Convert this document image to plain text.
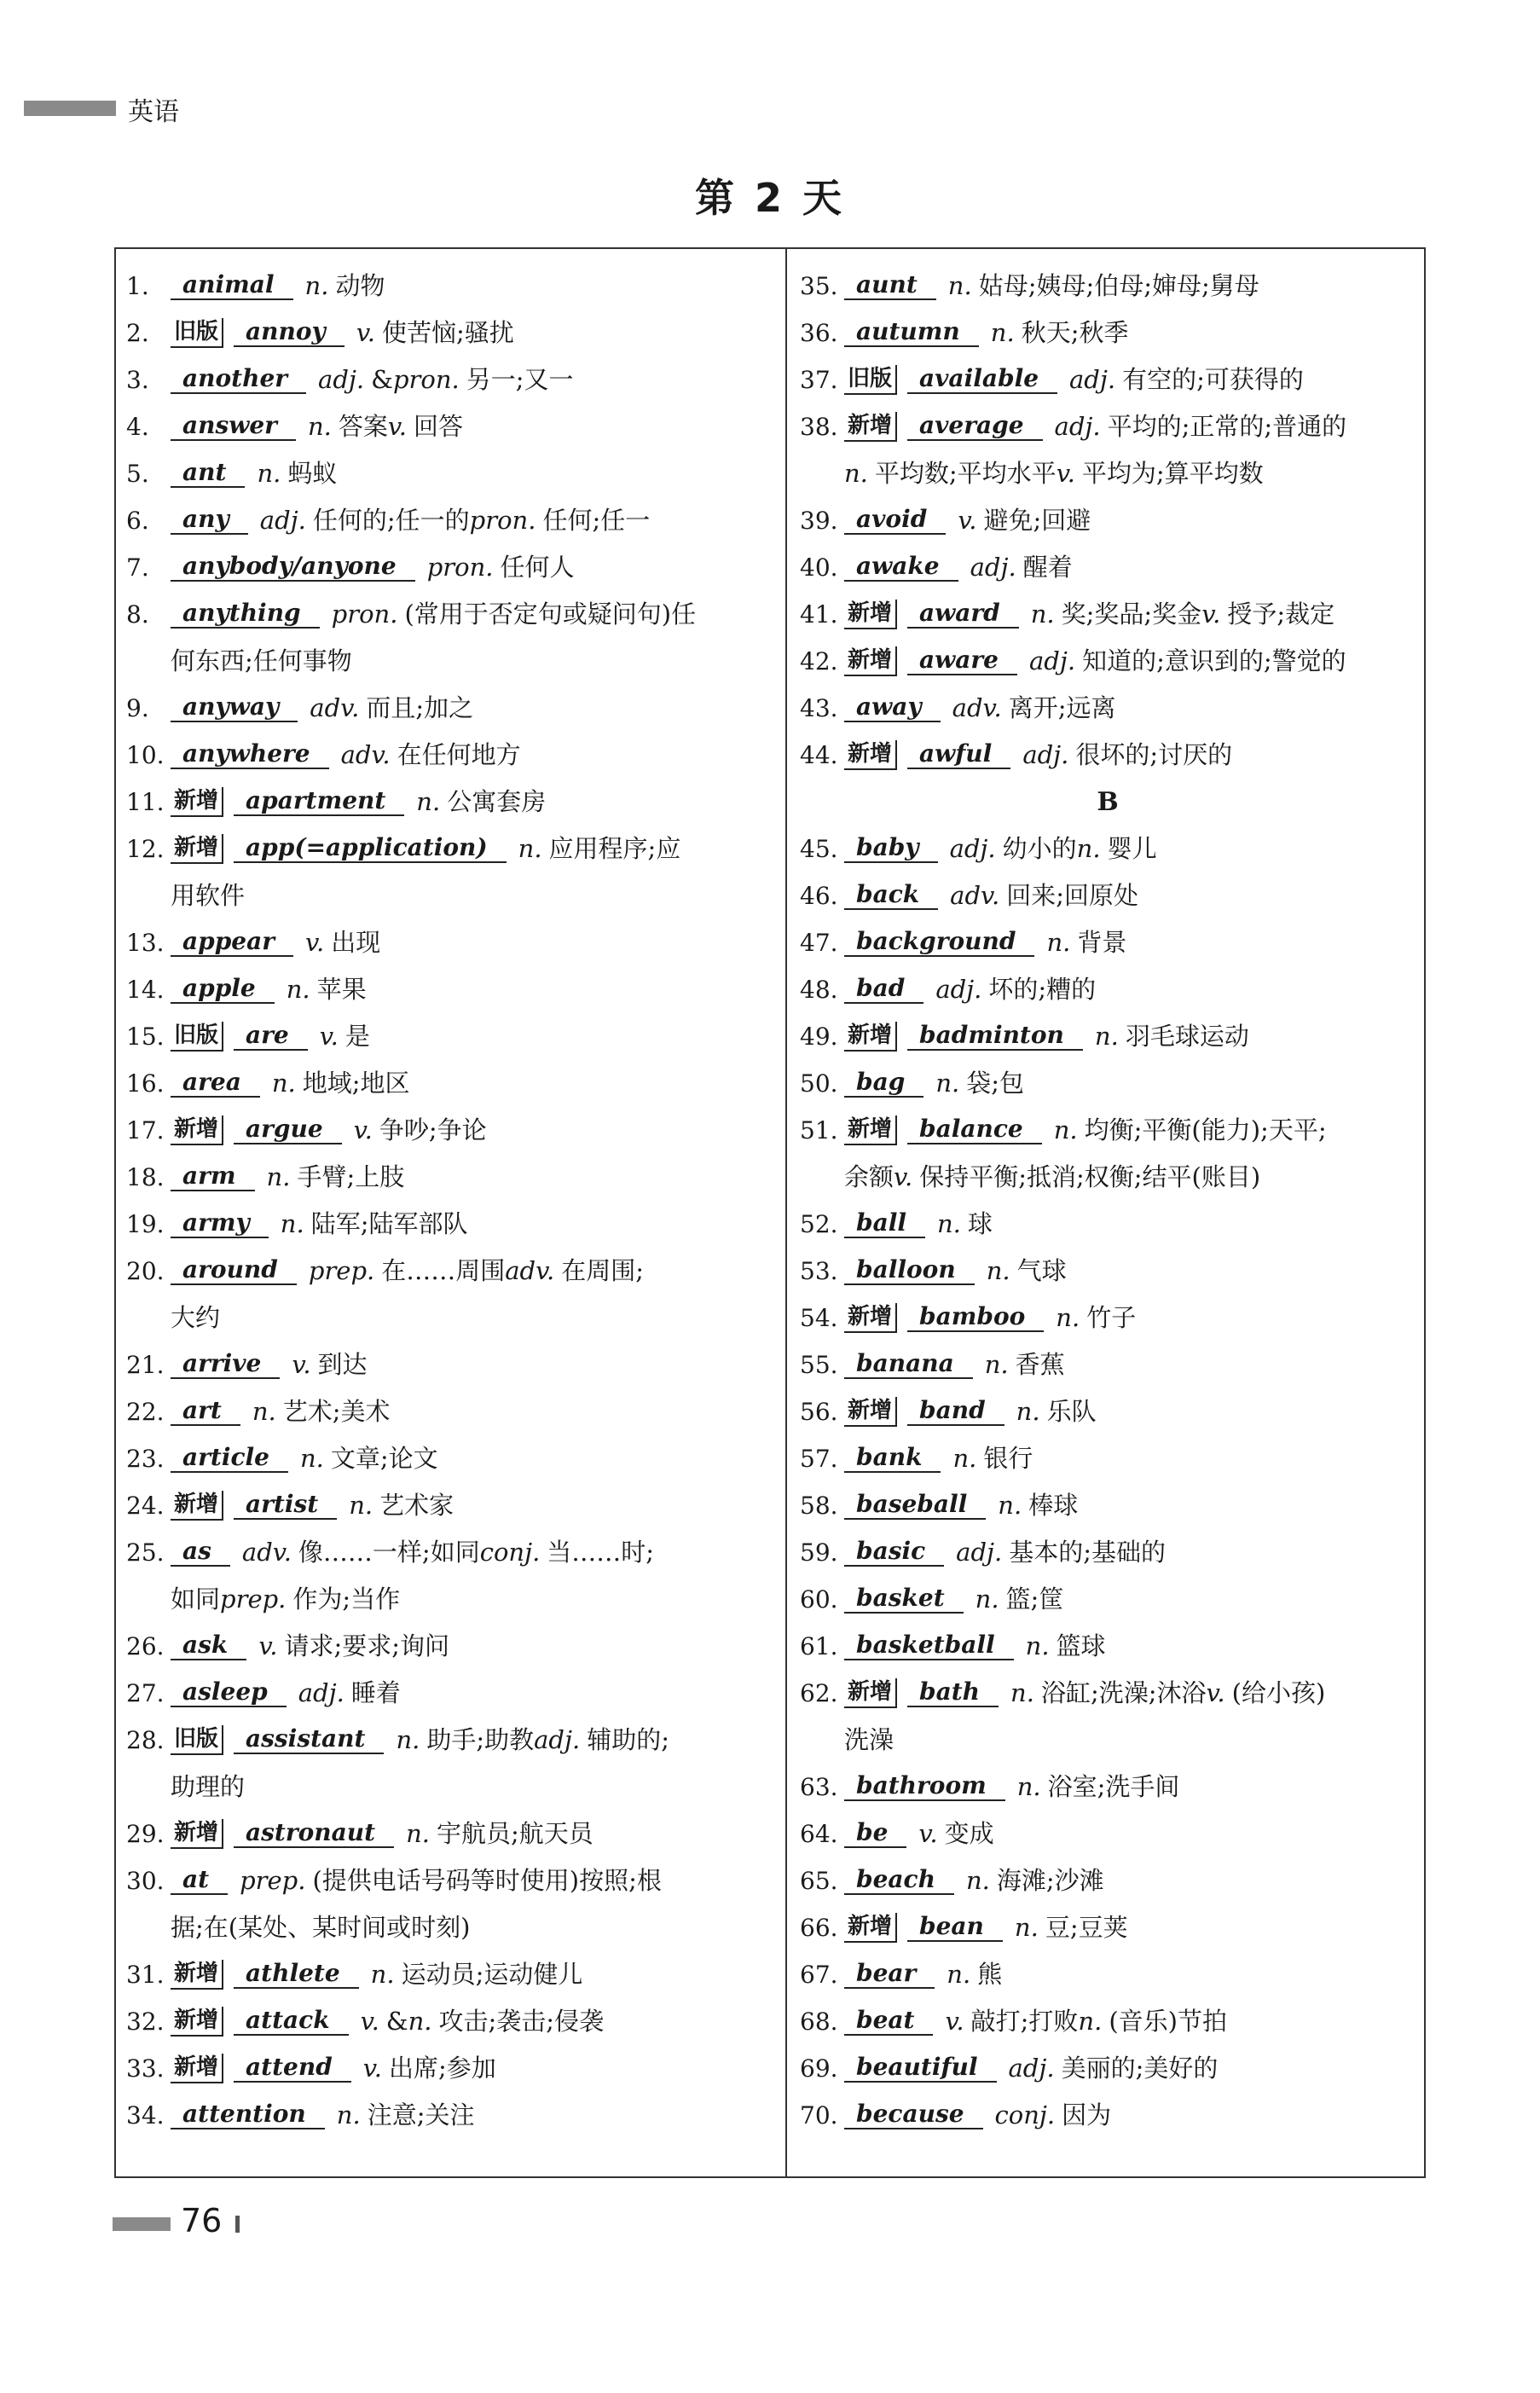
英语
第 2 天
1.	animal	n. 动物
2.	旧版	annoy	v. 使苦恼;骚扰
3.	another	adj. & pron. 另一;又一
4.	answer	n. 答案 v. 回答
5.	ant	n. 蚂蚁
6.	any	adj. 任何的;任一的 pron. 任何;任一
7.	anybody/anyone	pron. 任何人
8.	anything	pron. (常用于否定句或疑问句)任
何东西;任何事物
9.	anyway	adv. 而且;加之
10. anywhere	adv. 在任何地方
11. 新增	apartment	n. 公寓套房
12. 新增	app(=application)	n. 应用程序;应
用软件
13. appear	v. 出现
14. apple	n. 苹果
15. 旧版	are	v. 是
16. area	n. 地域;地区
17. 新增	argue	v. 争吵;争论
18. arm	n. 手臂;上肢
19. army	n. 陆军;陆军部队
20. around	prep. 在……周围 adv. 在周围;
大约
21. arrive	v. 到达
22. art	n. 艺术;美术
23. article	n. 文章;论文
24. 新增	artist	n. 艺术家
25. as	adv. 像……一样;如同 conj. 当……时;
如同 prep. 作为;当作
26. ask	v. 请求;要求;询问
27. asleep	adj. 睡着
28. 旧版	assistant	n. 助手;助教 adj. 辅助的;
助理的
29. 新增	astronaut	n. 宇航员;航天员
30. at	prep. (提供电话号码等时使用)按照;根
据;在(某处、某时间或时刻)
31. 新增	athlete	n. 运动员;运动健儿
32. 新增	attack	v. & n. 攻击;袭击;侵袭
33. 新增	attend	v. 出席;参加
34. attention	n. 注意;关注
35. aunt	n. 姑母;姨母;伯母;婶母;舅母
36. autumn	n. 秋天;秋季
37. 旧版	available	adj. 有空的;可获得的
38. 新增	average	adj. 平均的;正常的;普通的
n. 平均数;平均水平 v. 平均为;算平均数
39. avoid	v. 避免;回避
40. awake	adj. 醒着
41. 新增	award	n. 奖;奖品;奖金 v. 授予;裁定
42. 新增	aware	adj. 知道的;意识到的;警觉的
43. away	adv. 离开;远离
44. 新增	awful	adj. 很坏的;讨厌的
B
45. baby	adj. 幼小的 n. 婴儿
46. back	adv. 回来;回原处
47. background	n. 背景
48. bad	adj. 坏的;糟的
49. 新增	badminton	n. 羽毛球运动
50. bag	n. 袋;包
51. 新增	balance	n. 均衡;平衡(能力);天平;
余额 v. 保持平衡;抵消;权衡;结平(账目)
52. ball	n. 球
53. balloon	n. 气球
54. 新增	bamboo	n. 竹子
55. banana	n. 香蕉
56. 新增	band	n. 乐队
57. bank	n. 银行
58. baseball	n. 棒球
59. basic	adj. 基本的;基础的
60. basket	n. 篮;筐
61. basketball	n. 篮球
62. 新增	bath	n. 浴缸;洗澡;沐浴 v. (给小孩)
洗澡
63. bathroom	n. 浴室;洗手间
64. be	v. 变成
65. beach	n. 海滩;沙滩
66. 新增	bean	n. 豆;豆荚
67. bear	n. 熊
68. beat	v. 敲打;打败 n. (音乐)节拍
69. beautiful	adj. 美丽的;美好的
70. because	conj. 因为
76
